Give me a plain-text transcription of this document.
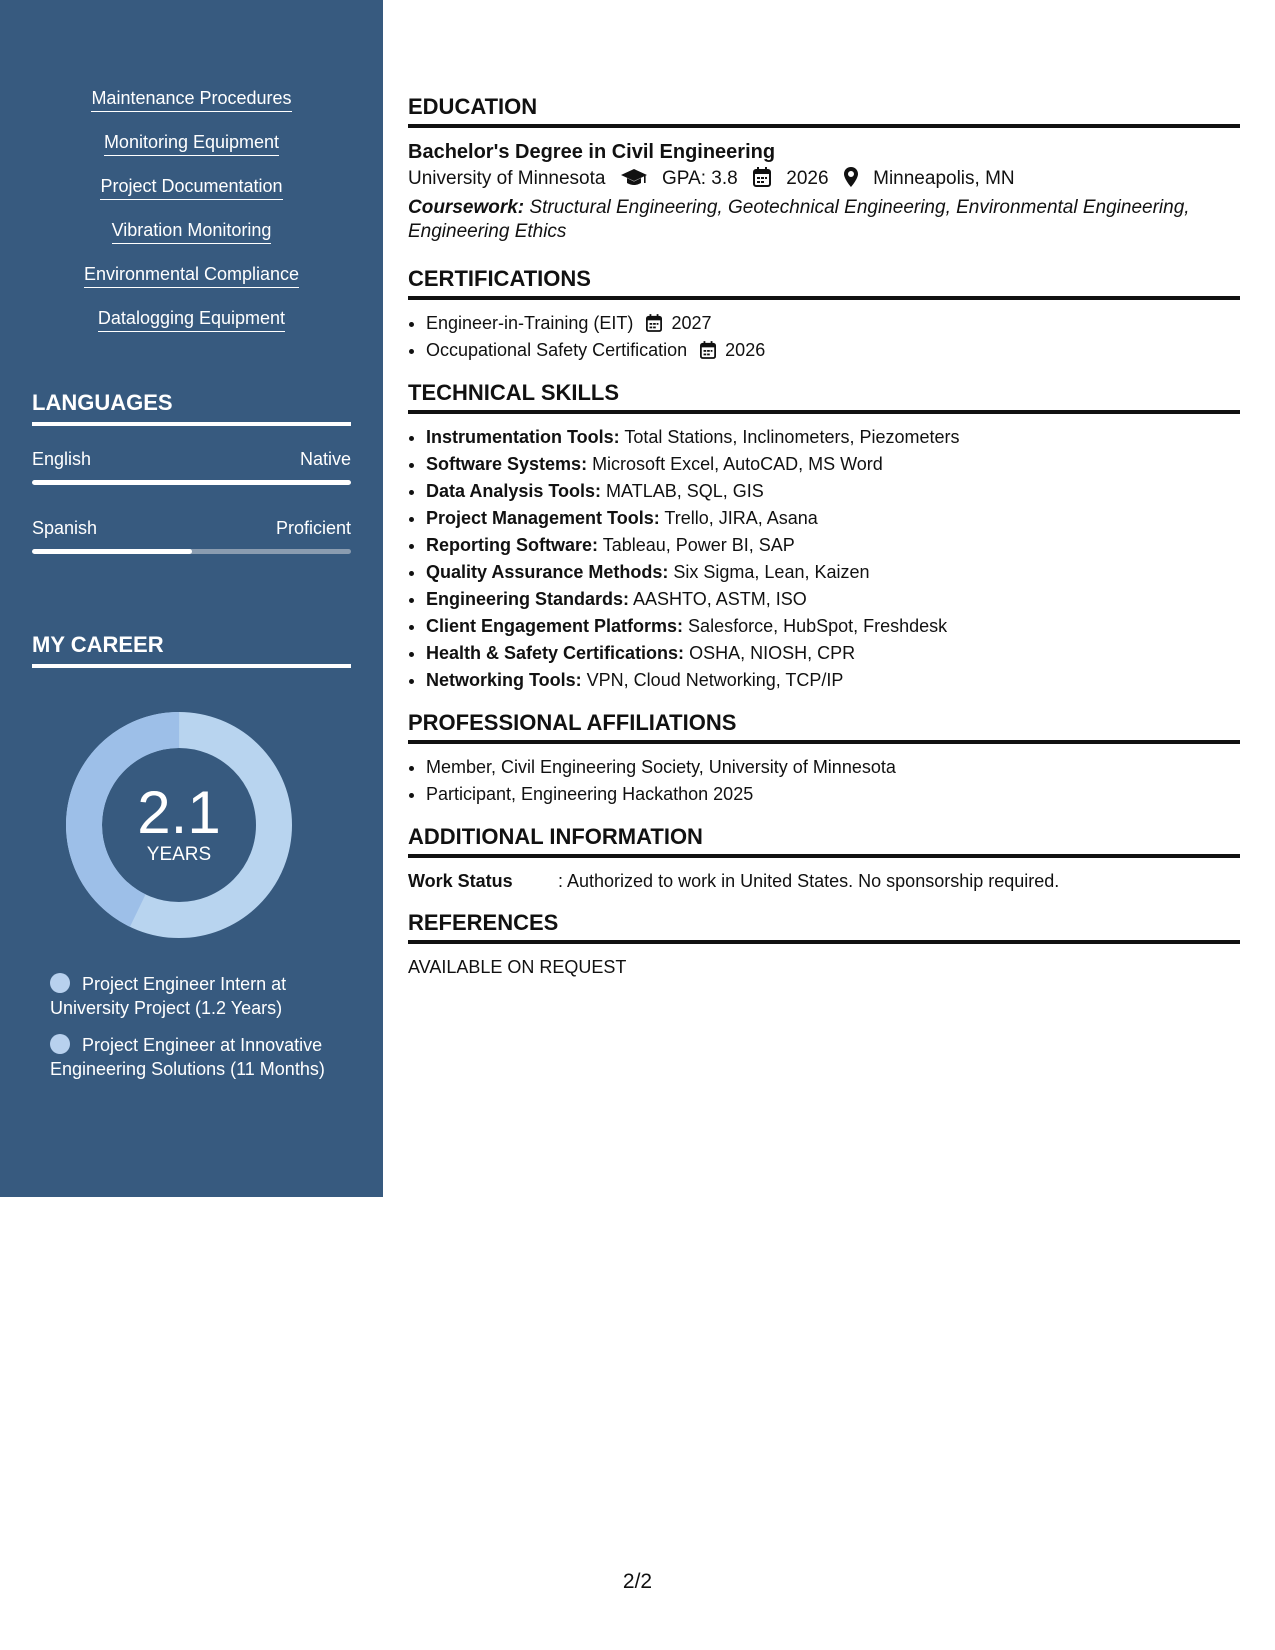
Maintenance Procedures
Monitoring Equipment
Project Documentation
Vibration Monitoring
Environmental Compliance
Datalogging Equipment
LANGUAGES
English	Native
Spanish	Proficient
MY CAREER
2.1
YEARS
Project Engineer Intern at University Project (1.2 Years)
Project Engineer at Innovative Engineering Solutions (11 Months)
EDUCATION
Bachelor's Degree in Civil Engineering
University of Minnesota	GPA: 3.8	2026 Minneapolis, MN
Coursework: Structural Engineering, Geotechnical Engineering, Environmental Engineering, Engineering Ethics
CERTIFICATIONS
• Engineer-in-Training (EIT) 2027
• Occupational Safety Certification 2026
TECHNICAL SKILLS
• Instrumentation Tools: Total Stations, Inclinometers, Piezometers
• Software Systems: Microsoft Excel, AutoCAD, MS Word
• Data Analysis Tools: MATLAB, SQL, GIS
• Project Management Tools: Trello, JIRA, Asana
• Reporting Software: Tableau, Power BI, SAP
• Quality Assurance Methods: Six Sigma, Lean, Kaizen
• Engineering Standards: AASHTO, ASTM, ISO
• Client Engagement Platforms: Salesforce, HubSpot, Freshdesk
• Health & Safety Certifications: OSHA, NIOSH, CPR
• Networking Tools: VPN, Cloud Networking, TCP/IP
PROFESSIONAL AFFILIATIONS
• Member, Civil Engineering Society, University of Minnesota
• Participant, Engineering Hackathon 2025
ADDITIONAL INFORMATION
Work Status	: Authorized to work in United States. No sponsorship required.
REFERENCES
AVAILABLE ON REQUEST
2/2
